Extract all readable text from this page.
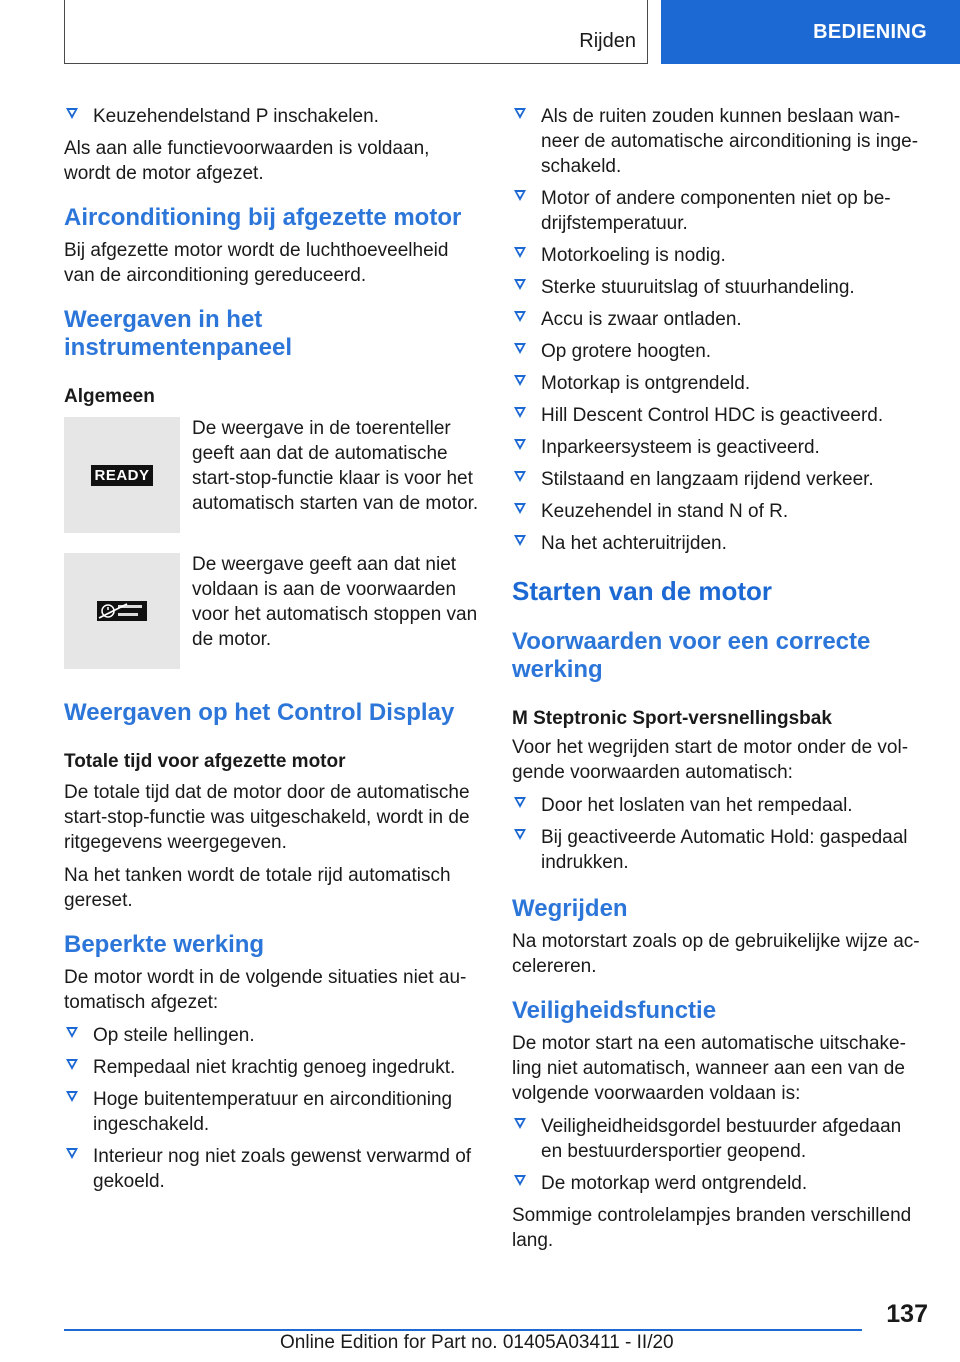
Rijden	BEDIENING
Keuzehendelstand P inschakelen.

Als aan alle functievoorwaarden is voldaan, wordt de motor afgezet.

Airconditioning bij afgezette motor

Bij afgezette motor wordt de luchthoeveelheid van de airconditioning gereduceerd.

Weergaven in het instrumentenpaneel
Algemeen
READY
De weergave in de toerenteller geeft aan dat de automatische start-stop-functie klaar is voor het automatisch starten van de motor.
De weergave geeft aan dat niet voldaan is aan de voorwaarden voor het automatisch stoppen van de motor.
Weergaven op het Control Display
Totale tijd voor afgezette motor

De totale tijd dat de motor door de automatische start-stop-functie was uitgeschakeld, wordt in de ritgegevens weergegeven.

Na het tanken wordt de totale rijd automatisch gereset.

Beperkte werking

De motor wordt in de volgende situaties niet au-tomatisch afgezet:

Op steile hellingen.
Rempedaal niet krachtig genoeg ingedrukt.
Hoge buitentemperatuur en airconditioning ingeschakeld.
Interieur nog niet zoals gewenst verwarmd of gekoeld.
Als de ruiten zouden kunnen beslaan wan-neer de automatische airconditioning is inge-schakeld.
Motor of andere componenten niet op be-drijfstemperatuur.
Motorkoeling is nodig.
Sterke stuuruitslag of stuurhandeling.
Accu is zwaar ontladen.
Op grotere hoogten.
Motorkap is ontgrendeld.
Hill Descent Control HDC is geactiveerd.
Inparkeersysteem is geactiveerd.
Stilstaand en langzaam rijdend verkeer.
Keuzehendel in stand N of R.
Na het achteruitrijden.
Starten van de motor
Voorwaarden voor een correcte werking
M Steptronic Sport-versnellingsbak

Voor het wegrijden start de motor onder de vol-gende voorwaarden automatisch:

Door het loslaten van het rempedaal.
Bij geactiveerde Automatic Hold: gaspedaal indrukken.
Wegrijden

Na motorstart zoals op de gebruikelijke wijze ac-celereren.

Veiligheidsfunctie

De motor start na een automatische uitschake-ling niet automatisch, wanneer aan een van de volgende voorwaarden voldaan is:

Veiligheidheidsgordel bestuurder afgedaan en bestuurdersportier geopend.
De motorkap werd ontgrendeld.

Sommige controlelampjes branden verschillend lang.

137
Online Edition for Part no. 01405A03411 - II/20
